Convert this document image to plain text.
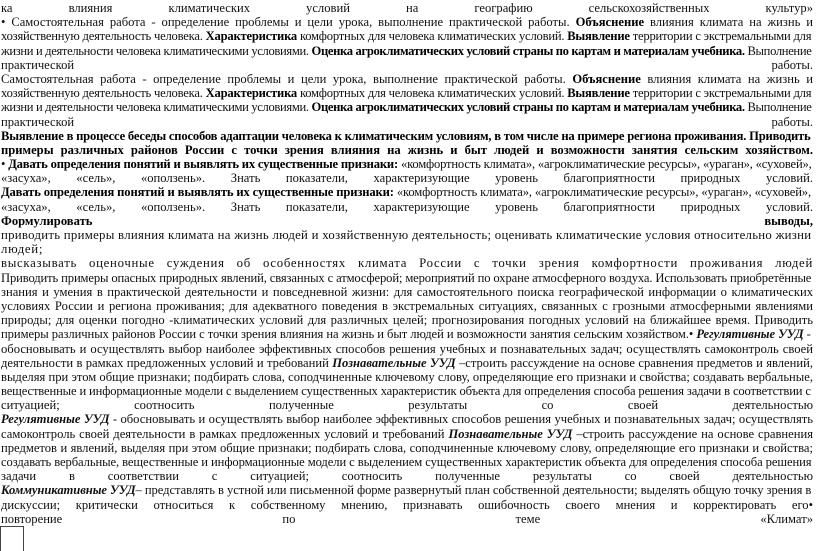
ка влияния климатических условий на географию сельскохозяйственных культур»
• Самостоятельная работа - определение проблемы и цели урока, выполнение практической работы. Объяснение влияния климата на жизнь и
хозяйственную деятельность человека. Характеристика комфортных для человека климатических условий. Выявление территории с экстремальными для
жизни и деятельности человека климатическими условиями. Оценка агроклиматических условий страны по картам и материалам учебника. Выполнение
практической работы.
Самостоятельная работа - определение проблемы и цели урока, выполнение практической работы. Объяснение влияния климата на жизнь и
хозяйственную деятельность человека. Характеристика комфортных для человека климатических условий. Выявление территории с экстремальными для
жизни и деятельности человека климатическими условиями. Оценка агроклиматических условий страны по картам и материалам учебника. Выполнение
практической работы.
Выявление в процессе беседы способов адаптации человека к климатическим условиям, в том числе на примере региона проживания. Приводить
примеры различных районов России с точки зрения влияния на жизнь и быт людей и возможности занятия сельским хозяйством.
• Давать определения понятий и выявлять их существенные признаки: «комфортность климата», «агроклиматические ресурсы», «ураган», «суховей»,
«засуха», «сель», «оползень». Знать показатели, характеризующие уровень благоприятности природных условий.
Давать определения понятий и выявлять их существенные признаки: «комфортность климата», «агроклиматические ресурсы», «ураган», «суховей»,
«засуха», «сель», «оползень». Знать показатели, характеризующие уровень благоприятности природных условий.
Формулировать выводы,
приводить примеры влияния климата на жизнь людей и хозяйственную деятельность; оценивать климатические условия относительно жизни
людей;
высказывать оценочные суждения об особенностях климата России с точки зрения комфортности проживания людей
Приводить примеры опасных природных явлений, связанных с атмосферой; мероприятий по охране атмосферного воздуха. Использовать приобретённые
знания и умения в практической деятельности и повседневной жизни: для самостоятельного поиска географической информации о климатических
условиях России и региона проживания; для адекватного поведения в экстремальных ситуациях, связанных с грозными атмосферными явлениями
природы; для оценки погодно -климатических условий для различных целей; прогнозирования погодных условий на ближайшее время. Приводить
примеры различных районов России с точки зрения влияния на жизнь и быт людей и возможности занятия сельским хозяйством.• Регулятивные УУД -
обосновывать и осуществлять выбор наиболее эффективных способов решения учебных и познавательных задач; осуществлять самоконтроль своей
деятельности в рамках предложенных условий и требований Познавательные УУД –строить рассуждение на основе сравнения предметов и явлений,
выделяя при этом общие признаки; подбирать слова, соподчиненные ключевому слову, определяющие его признаки и свойства; создавать вербальные,
вещественные и информационные модели с выделением существенных характеристик объекта для определения способа решения задачи в соответствии с
ситуацией; соотносить полученные результаты со своей деятельностью
Регулятивные УУД - обосновывать и осуществлять выбор наиболее эффективных способов решения учебных и познавательных задач; осуществлять
самоконтроль своей деятельности в рамках предложенных условий и требований Познавательные УУД –строить рассуждение на основе сравнения
предметов и явлений, выделяя при этом общие признаки; подбирать слова, соподчиненные ключевому слову, определяющие его признаки и свойства;
создавать вербальные, вещественные и информационные модели с выделением существенных характеристик объекта для определения способа решения
задачи в соответствии с ситуацией; соотносить полученные результаты со своей деятельностью
Коммуникативные УУД– представлять в устной или письменной форме развернутый план собственной деятельности; выделять общую точку зрения в
дискуссии; критически относиться к собственному мнению, признавать ошибочность своего мнения и корректировать его•
повторение по теме «Климат»
